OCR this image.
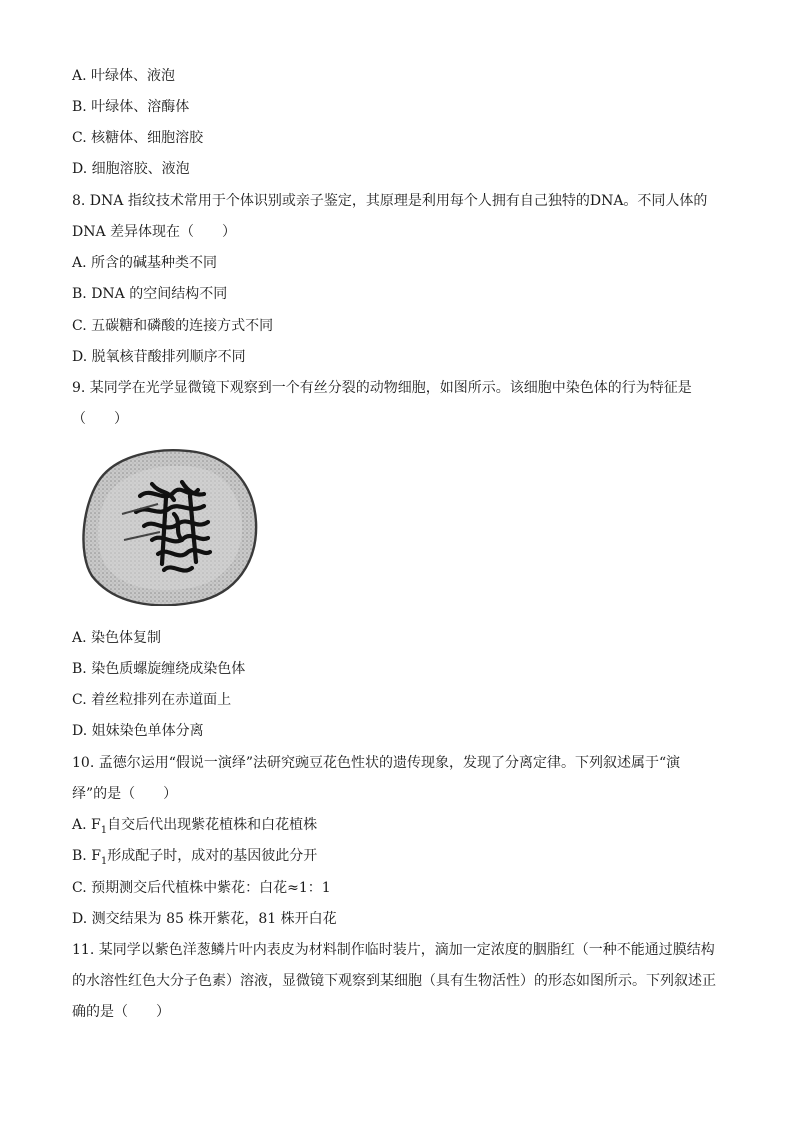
A. 叶绿体、液泡
B. 叶绿体、溶酶体
C. 核糖体、细胞溶胶
D. 细胞溶胶、液泡
8. DNA 指纹技术常用于个体识别或亲子鉴定，其原理是利用每个人拥有自己独特的DNA。不同人体的
DNA 差异体现在（　　）
A. 所含的碱基种类不同
B. DNA 的空间结构不同
C. 五碳糖和磷酸的连接方式不同
D. 脱氧核苷酸排列顺序不同
9. 某同学在光学显微镜下观察到一个有丝分裂的动物细胞，如图所示。该细胞中染色体的行为特征是
（　　）
A. 染色体复制
B. 染色质螺旋缠绕成染色体
C. 着丝粒排列在赤道面上
D. 姐妹染色单体分离
10. 孟德尔运用“假说一演绎”法研究豌豆花色性状的遗传现象，发现了分离定律。下列叙述属于“演
绎”的是（　　）
A. $F_1$自交后代出现紫花植株和白花植株
B. $F_1$形成配子时，成对的基因彼此分开
C. 预期测交后代植株中紫花：白花≈1：1
D. 测交结果为 85 株开紫花，81 株开白花
11. 某同学以紫色洋葱鳞片叶内表皮为材料制作临时装片，滴加一定浓度的胭脂红（一种不能通过膜结构
的水溶性红色大分子色素）溶液，显微镜下观察到某细胞（具有生物活性）的形态如图所示。下列叙述正
确的是（　　）
